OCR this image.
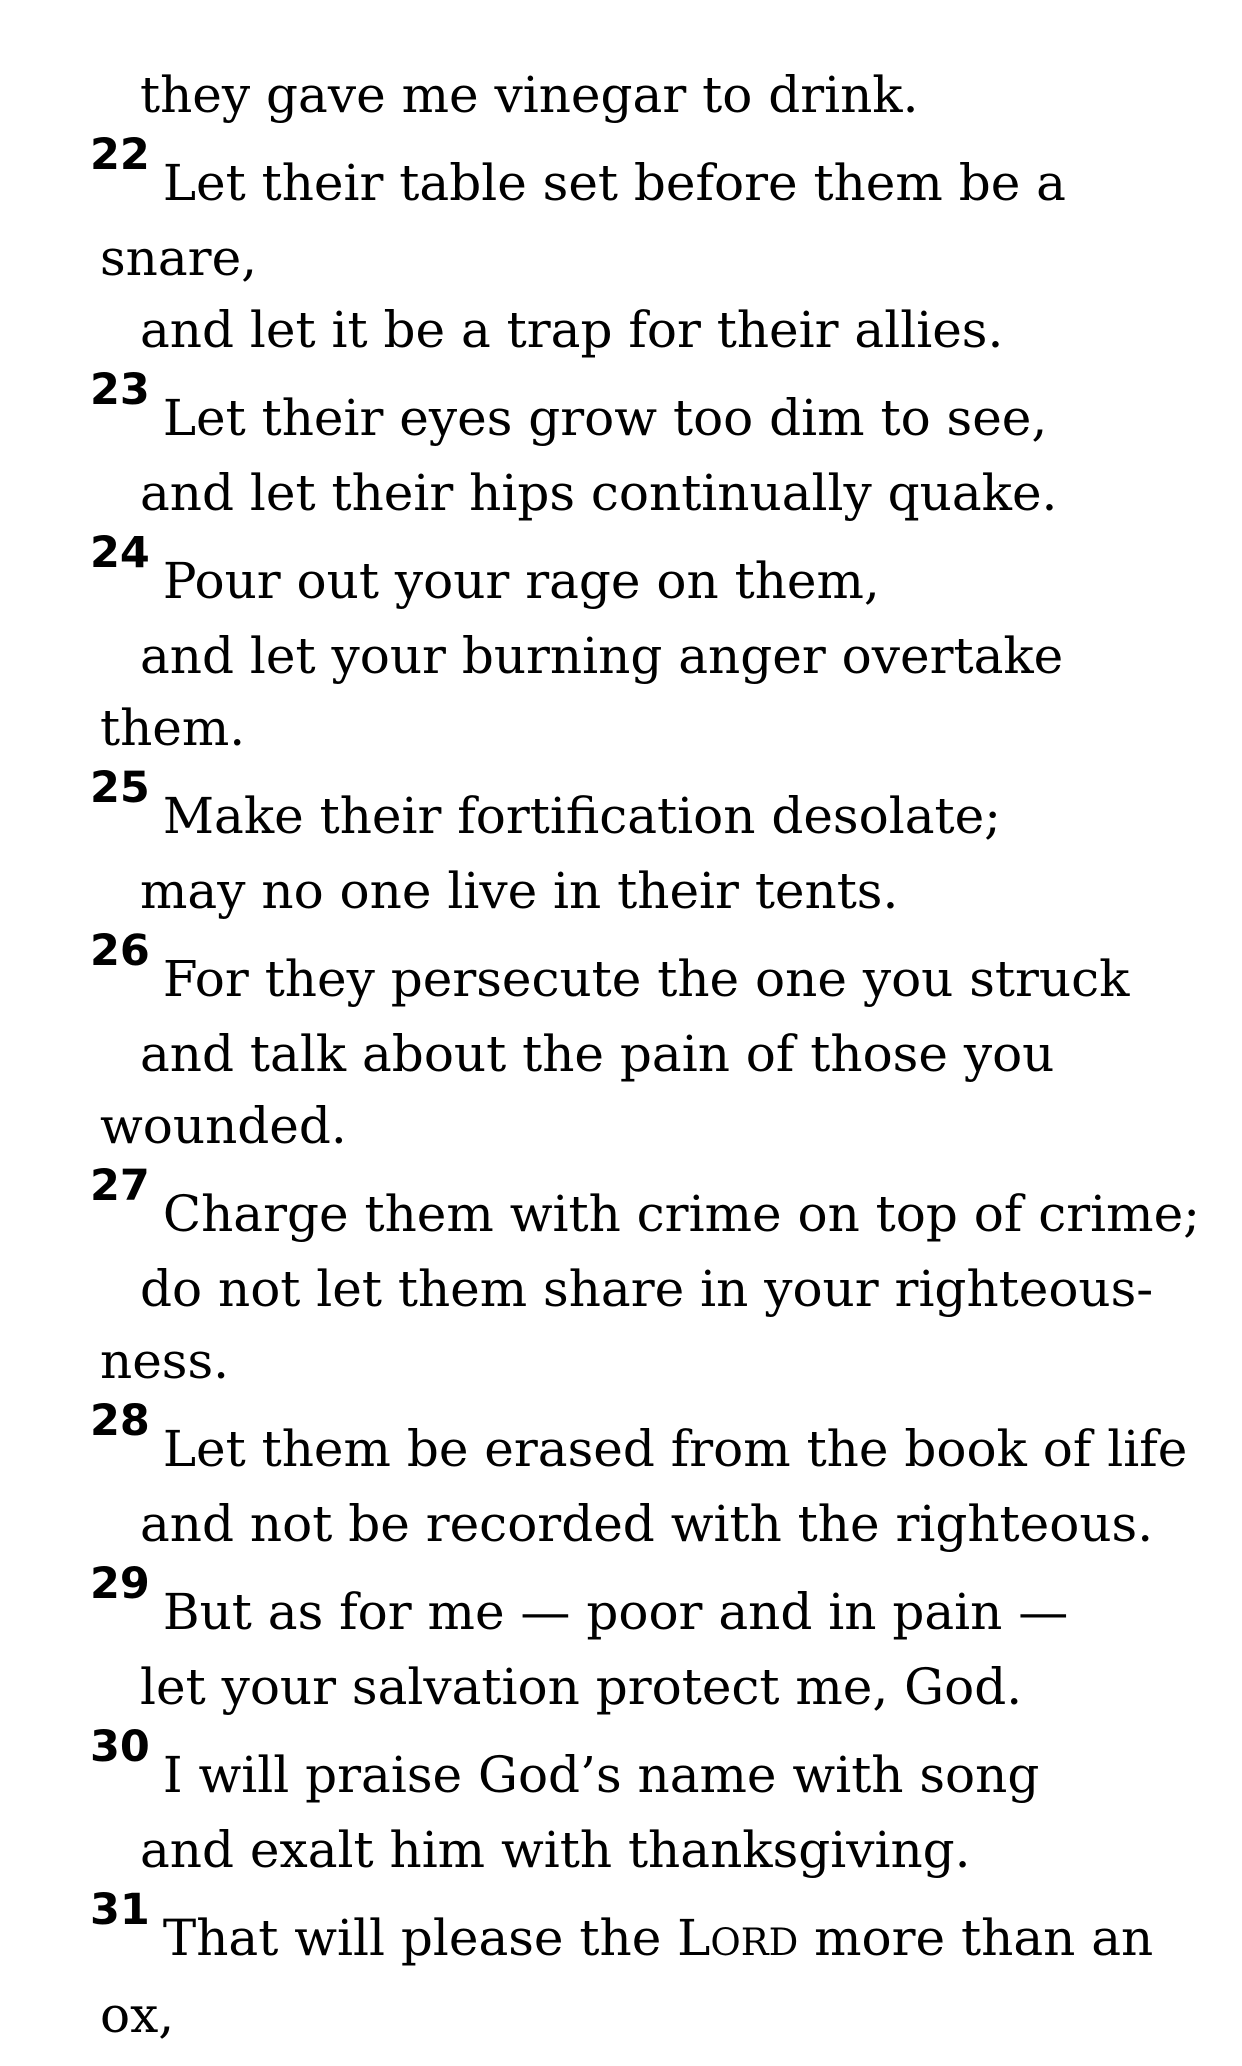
they gave me vinegar to drink.
22 Let their table set before them be a
snare,
and let it be a trap for their allies.
23 Let their eyes grow too dim to see,
and let their hips continually quake.
24 Pour out your rage on them,
and let your burning anger overtake
them.
25 Make their fortification desolate;
may no one live in their tents.
26 For they persecute the one you struck
and talk about the pain of those you
wounded.
27 Charge them with crime on top of crime;
do not let them share in your righteous-
ness.
28 Let them be erased from the book of life
and not be recorded with the righteous.
29 But as for me — poor and in pain —
let your salvation protect me, God.
30 I will praise God’s name with song
and exalt him with thanksgiving.
31 That will please the LORD more than an
ox,
